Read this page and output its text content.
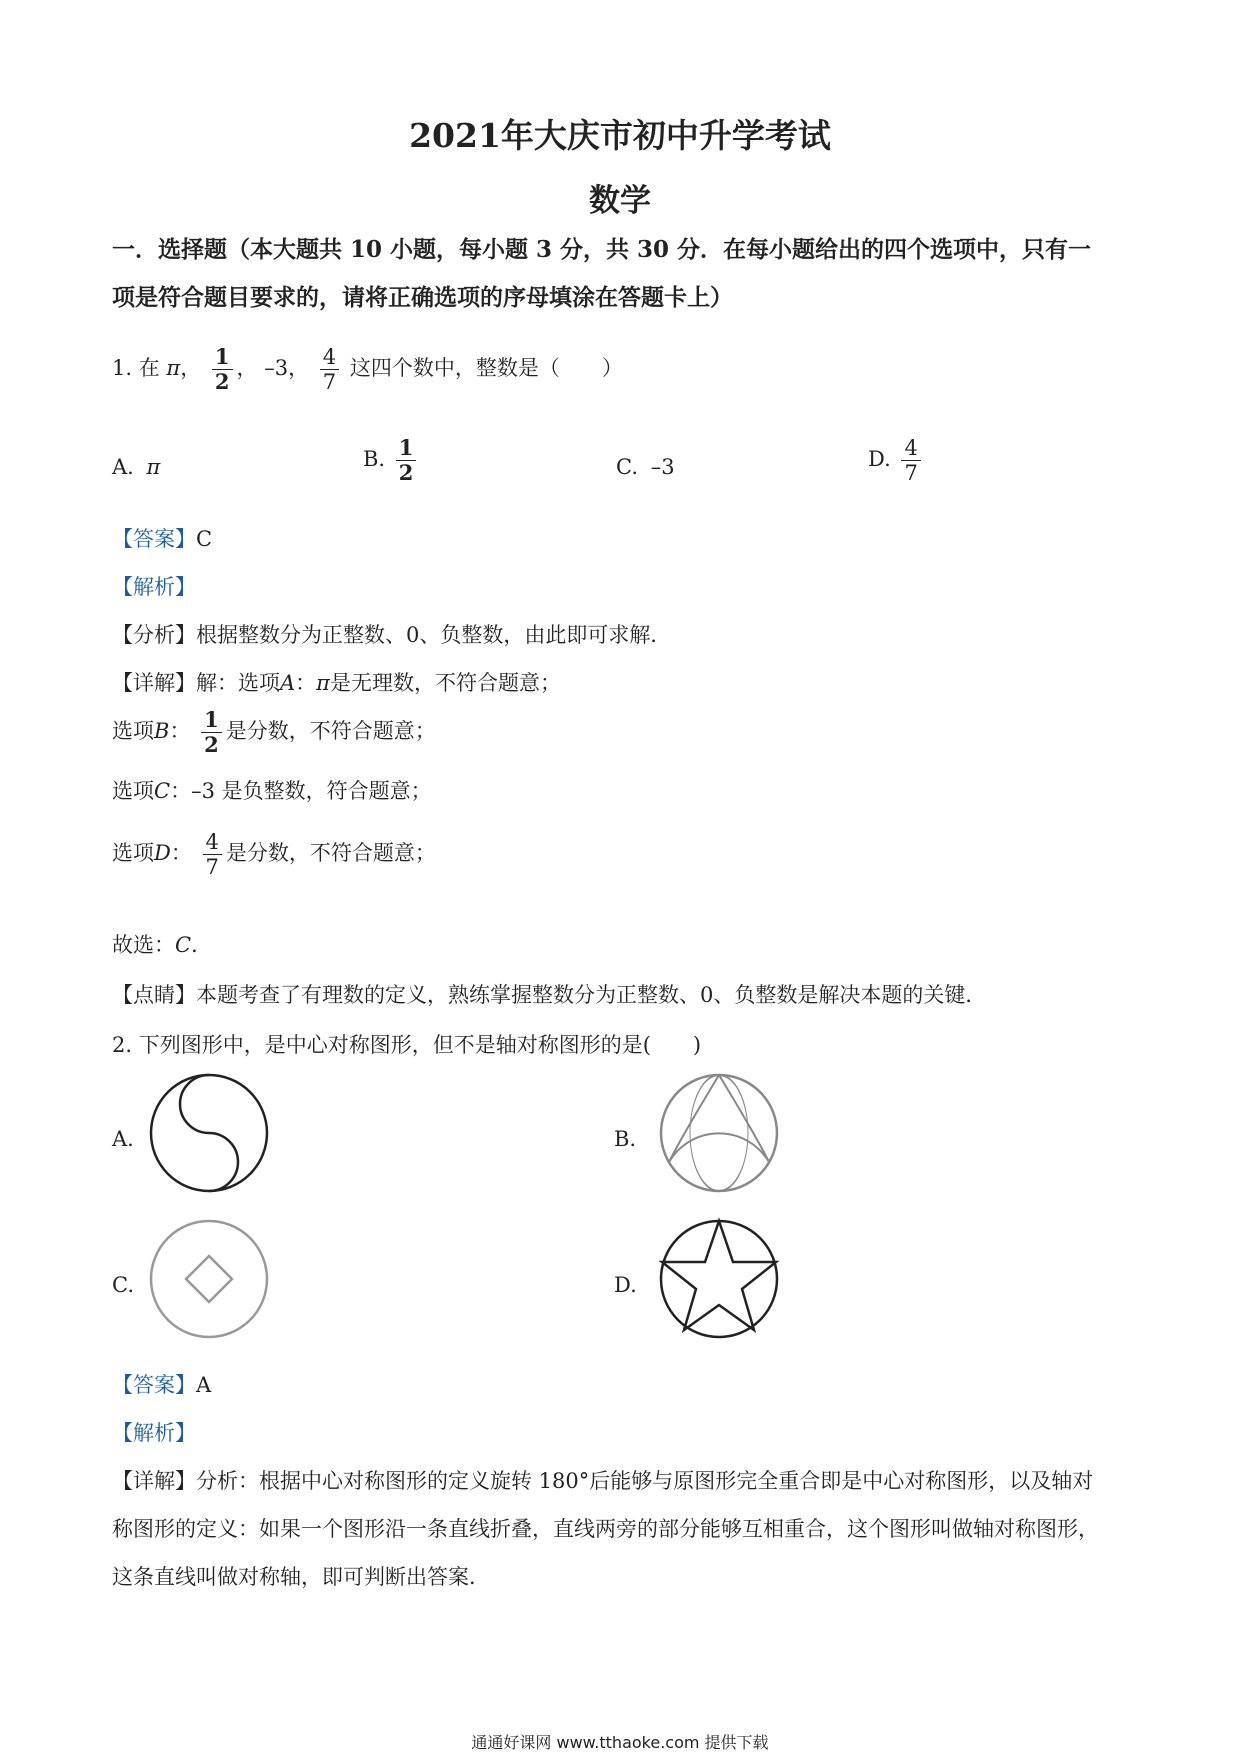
2021年大庆市初中升学考试
数学
一．选择题（本大题共 10 小题，每小题 3 分，共 30 分．在每小题给出的四个选项中，只有一
项是符合题目要求的，请将正确选项的序母填涂在答题卡上）
1. 在 π， $\frac{1}{2}$ ， –3， $\frac{4}{7}$ 这四个数中，整数是（　　）
A. π	B. $\frac{1}{2}$	C. –3	D. $\frac{4}{7}$
【答案】C
【解析】
【分析】根据整数分为正整数、0、负整数，由此即可求解．
【详解】解：选项A：π是无理数，不符合题意；
选项B： $\frac{1}{2}$ 是分数，不符合题意；
选项C：–3 是负整数，符合题意；
选项D： $\frac{4}{7}$ 是分数，不符合题意；
故选：C．
【点睛】本题考查了有理数的定义，熟练掌握整数分为正整数、0、负整数是解决本题的关键．
2. 下列图形中，是中心对称图形，但不是轴对称图形的是(　　)
A.	B.
C.	D.
【答案】A
【解析】
【详解】分析：根据中心对称图形的定义旋转 180°后能够与原图形完全重合即是中心对称图形，以及轴对
称图形的定义：如果一个图形沿一条直线折叠，直线两旁的部分能够互相重合，这个图形叫做轴对称图形，
这条直线叫做对称轴，即可判断出答案．
通通好课网 www.tthaoke.com 提供下载
